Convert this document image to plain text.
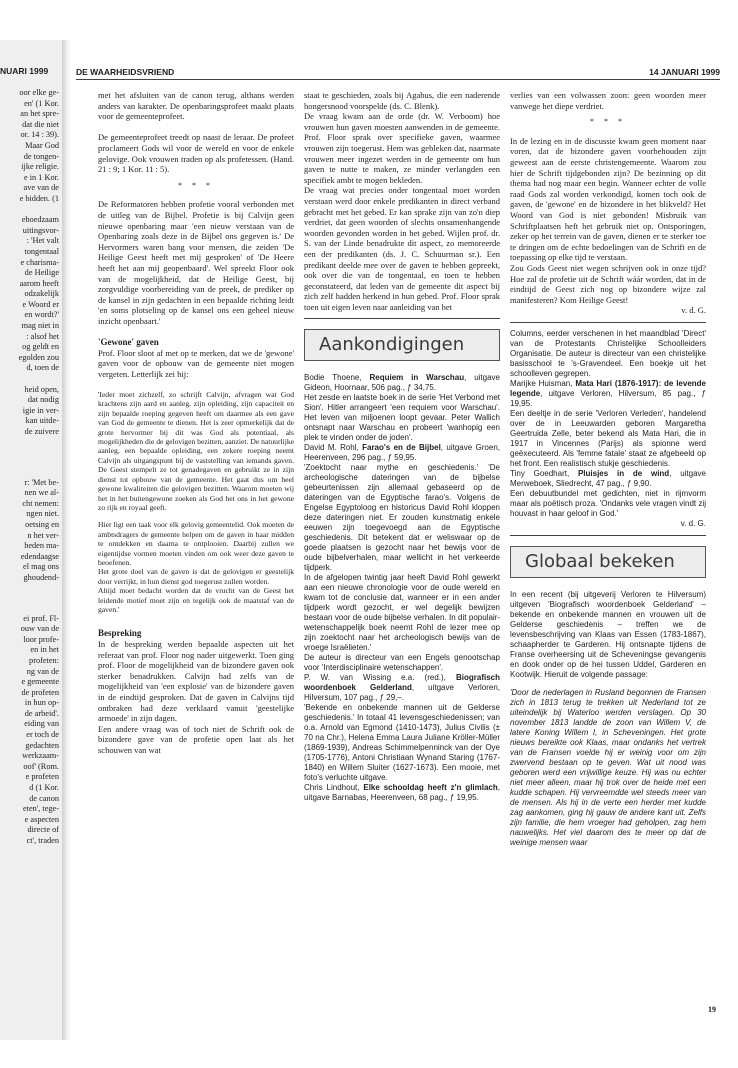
NUARI 1999

oor elke ge-
en' (1 Kor.
an het spre-
dat die niet
or. 14 : 39).
Maar God
de tongen-
ijke religie.
e in 1 Kor.
ave van de
e bidden. (1

ehoedzaam
uitingsvor-
: 'Het valt
tongentaal
e charisma-
de Heilige
aarom heeft
odzakelijk
e Woord er
en wordt?'
mag niet in
: alsof het
og geldt en
egolden zou
d, toen de

heid open,
dat nodig
igie in ver-
kan uitde-
de zuivere

r: 'Met be-
nen we al-
cht nemen:
ngen niet.
oetsing en
n het ver-
heden ma-
edendaagse
el mag ons
ghoudend-

ei prof. Fl-
ouw van de
loor profe-
en in het
profeten:
ng van de
e gemeente
de profeten
in hun op-
de arbeid'.
eiding van
er toch de
gedachten
werkzaam-
oof' (Rom.
e profeten
d (1 Kor.
de canon
eten', tege-
e aspecten
directe of
ct', traden

DE WAARHEIDSVRIEND	14 JANUARI 1999

met het afsluiten van de canon terug, althans werden anders van karakter. De openbaringsprofeet maakt plaats voor de gemeenteprofeet.

De gemeenteprofeet treedt op naast de leraar. De profeet proclameert Gods wil voor de wereld en voor de enkele gelovige. Ook vrouwen traden op als profetessen. (Hand. 21 : 9; 1 Kor. 11 : 5).

* * *

De Reformatoren hebben profetie vooral verbonden met de uitleg van de Bijbel. Profetie is bij Calvijn geen nieuwe openbaring maar 'een nieuw verstaan van de Openbaring zoals deze in de Bijbel ons gegeven is.' De Hervormers waren bang voor mensen, die zeiden 'De Heilige Geest heeft met mij gesproken' of 'De Heere heeft het aan mij geopenbaard'. Wel spreekt Floor ook van de mogelijkheid, dat de Heilige Geest, bij zorgvuldige voorbereiding van de preek, de prediker op de kansel in zijn gedachten in een bepaalde richting leidt 'en soms plotseling op de kansel ons een geheel nieuw inzicht openbaart.'

'Gewone' gaven

Prof. Floor sloot af met op te merken, dat we de 'gewone' gaven voor de opbouw van de gemeente niet mogen vergeten. Letterlijk zei hij:

'Ieder moet zichzelf, zo schrijft Calvijn, afvragen wat God krachtens zijn aard en aanleg, zijn opleiding, zijn capaciteit en zijn bepaalde roeping gegeven heeft om daarmee als een gave van God de gemeente te dienen. Het is zeer opmerkelijk dat de grote hervormer bij dit was God als potentiaal, als mogelijkheden die de gelovigen bezitten, aanziet. De natuurlijke aanleg, een bepaalde opleiding, een zekere roeping neemt Calvijn als uitgangspunt bij de vaststelling van iemands gaven. De Geest stempelt ze tot genadegaven en gebruikt ze in zijn dienst tot opbouw van de gemeente. Het gaat dus om heel gewone kwaliteiten die gelovigen bezitten. Waarom moeten wij het in het buitengewone zoeken als God het ons in het gewone zo rijk en royaal geeft.

Hier ligt een taak voor elk gelovig gemeentelid. Ook moeten de ambtsdragers de gemeente helpen om de gaven in haar midden te ontdekken en daarna te ontplooien. Daarbij zullen we eigentijdse vormen moeten vinden om ook weer deze gaven te beoefenen.

Het grote doel van de gaven is dat de gelovigen er geestelijk door verrijkt, in hun dienst god toegerust zullen worden.

Altijd moet bedacht worden dat de vrucht van de Geest het leidende motief moet zijn en tegelijk ook de maatstaf van de gaven.'

Bespreking

In de bespreking werden bepaalde aspecten uit het referaat van prof. Floor nog nader uitgewerkt. Toen ging prof. Floor de mogelijkheid van de bizondere gaven ook sterker benadrukken. Calvijn had zelfs van de mogelijkheid van 'een explosie' van de bizondere gaven in de eindtijd gesproken. Dat de gaven in Calvijns tijd ontbraken had deze verklaard vanuit 'geestelijke armoede' in zijn dagen.

Een andere vraag was of toch niet de Schrift ook de bizondere gave van de profetie open laat als het schouwen van wat

staat te geschieden, zoals bij Agabus, die een naderende hongersnood voorspelde (ds. C. Blenk).

De vraag kwam aan de orde (dr. W. Verboom) hoe vrouwen hun gaven moesten aanwenden in de gemeente. Prof. Floor sprak over specifieke gaven, waarmee vrouwen zijn toegerust. Hem was gebleken dat, naarmate vrouwen meer ingezet werden in de gemeente om hun gaven te nutte te maken, ze minder verlangden een specifiek ambt te mogen bekleden.

De vraag wat precies onder tongentaal moet worden verstaan werd door enkele predikanten in direct verband gebracht met het gebed. Er kan sprake zijn van zo'n diep verdriet, dat geen woorden of slechts onsamenhangende woorden gevonden worden in het gebed. Wijlen prof. dr. S. van der Linde benadrukte dit aspect, zo memoreerde een der predikanten (ds. J. C. Schuurman sr.). Een predikant deelde mee over de gaven te hebben gepreekt, ook over die van de tongentaal, en toen te hebben geconstateerd, dat leden van de gemeente dit aspect bij zich zelf hadden herkend in hun gebed. Prof. Floor sprak toen uit eigen leven naar aanleiding van het

Aankondigingen
Bodie Thoene, Requiem in Warschau, uitgave Gideon, Hoornaar, 506 pag., ƒ 34,75.
Het zesde en laatste boek in de serie 'Het Verbond met Sion'. Hitler arrangeert 'een requiem voor Warschau'. Het leven van miljoenen loopt gevaar. Peter Wallich ontsnapt naar Warschau en probeert 'wanhopig een plek te vinden onder de joden'.
David M. Rohl, Farao's en de Bijbel, uitgave Groen, Heerenveen, 296 pag., ƒ 59,95.
'Zoektocht naar mythe en geschiedenis.' 'De archeologische dateringen van de bijbelse gebeurtenissen zijn allemaal gebaseerd op de dateringen van de Egyptische farao's. Volgens de Engelse Egyptoloog en historicus David Rohl kloppen deze dateringen niet. Er zouden kunstmatig enkele eeuwen zijn toegevoegd aan de Egyptische geschiedenis. Dit betekent dat er weliswaar op de goede plaatsen is gezocht naar het bewijs voor de oude bijbelverhalen, maar wellicht in het verkeerde tijdperk.
In de afgelopen twintig jaar heeft David Rohl gewerkt aan een nieuwe chronologie voor de oude wereld en kwam tot de conclusie dat, wanneer er in een ander tijdperk wordt gezocht, er wel degelijk bewijzen bestaan voor de oude bijbelse verhalen. In dit populair-wetenschappelijk boek neemt Rohl de lezer mee op zijn zoektocht naar het archeologisch bewijs van de vroege Israëlieten.'
De auteur is directeur van een Engels genootschap voor 'Interdisciplinaire wetenschappen'.
P. W. van Wissing e.a. (red.), Biografisch woordenboek Gelderland, uitgave Verloren, Hilversum, 107 pag., ƒ 29,–.
'Bekende en onbekende mannen uit de Gelderse geschiedenis.' In totaal 41 levensgeschiedenissen; van o.a. Arnold van Egmond (1410-1473), Julius Civilis (± 70 na Chr.), Helena Emma Laura Juliane Kröller-Müller (1869-1939), Andreas Schimmelpenninck van der Oye (1705-1776), Antoni Christiaan Wynand Staring (1767-1840) en Willem Sluiter (1627-1673). Een mooie, met foto's verluchte uitgave.
Chris Lindhout, Elke schooldag heeft z'n glimlach, uitgave Barnabas, Heerenveen, 68 pag., ƒ 19,95.

verlies van een volwassen zoon: geen woorden meer vanwege het diepe verdriet.

* * *

In de lezing en in de discussie kwam geen moment naar voren, dat de bizondere gaven voorbehouden zijn geweest aan de eerste christengemeente. Waarom zou hier de Schrift tijdgebonden zijn? De bezinning op dit thema had nog maar een begin. Wanneer echter de volle raad Gods zal worden verkondigd, komen toch ook de gaven, de 'gewone' en de bizondere in het blikveld? Het Woord van God is niet gebonden! Misbruik van Schriftplaatsen heft het gebruik niet op. Ontsporingen, zeker op het terrein van de gaven, dienen er te sterker toe te dringen om de echte bedoelingen van de Schrift en de toepassing op elke tijd te verstaan.

Zou Gods Geest niet wegen schrijven ook in onze tijd? Hoe zal de profetie uit de Schrift wáár worden, dat in de eindtijd de Geest zich nog op bizondere wijze zal manifesteren? Kom Heilige Geest!

v. d. G.
Columns, eerder verschenen in het maandblad 'Direct' van de Protestants Christelijke Schoolleiders Organisatie. De auteur is directeur van een christelijke basisschool te 's-Gravendeel. Een boekje uit het schoolleven gegrepen.
Marijke Huisman, Mata Hari (1876-1917): de levende legende, uitgave Verloren, Hilversum, 85 pag., ƒ 19,95.
Een deeltje in de serie 'Verloren Verleden', handelend over de in Leeuwarden geboren Margaretha Geertruida Zelle, beter bekend als Mata Hari, die in 1917 in Vincennes (Parijs) als spionne werd geëxecuteerd. Als 'femme fatale' staat ze afgebeeld op het front. Een realistisch stukje geschiedenis.
Tiny Goedhart, Pluisjes in de wind, uitgave Merweboek, Sliedrecht, 47 pag., ƒ 9,90.
Een debuutbundel met gedichten, niet in rijmvorm maar als poëtisch proza. 'Ondanks vele vragen vindt zij houvast in haar geloof in God.'
v. d. G.
Globaal bekeken
In een recent (bij uitgeverij Verloren te Hilversum) uitgeven 'Biografisch woordenboek Gelderland' – bekende en onbekende mannen en vrouwen uit de Gelderse geschiedenis – treffen we de levensbeschrijving van Klaas van Essen (1783-1867), schaapherder te Garderen. Hij ontsnapte tijdens de Franse overheersing uit de Scheveningse gevangenis en dook onder op de hei tussen Uddel, Garderen en Kootwijk. Hieruit de volgende passage:
'Door de nederlagen in Rusland begonnen de Fransen zich in 1813 terug te trekken uit Nederland tot ze uiteindelijk bij Waterloo werden verslagen. Op 30 november 1813 landde de zoon van Willem V, de latere Koning Willem I, in Scheveningen. Het grote nieuws bereikte ook Klaas, maar ondanks het vertrek van de Fransen voelde hij er weinig voor om zijn zwervend bestaan op te geven. Wat uit nood was geboren werd een vrijwillige keuze. Hij was nu echter niet meer alleen, maar hij trok over de heide met een kudde schapen. Hij vervreemdde wel steeds meer van de mensen. Als hij in de verte een herder met kudde zag aankomen, ging hij gauw de andere kant uit. Zelfs zijn familie, die hem vroeger had geholpen, zag hem nauwelijks. Het viel daarom des te meer op dat de weinige mensen waar
19
